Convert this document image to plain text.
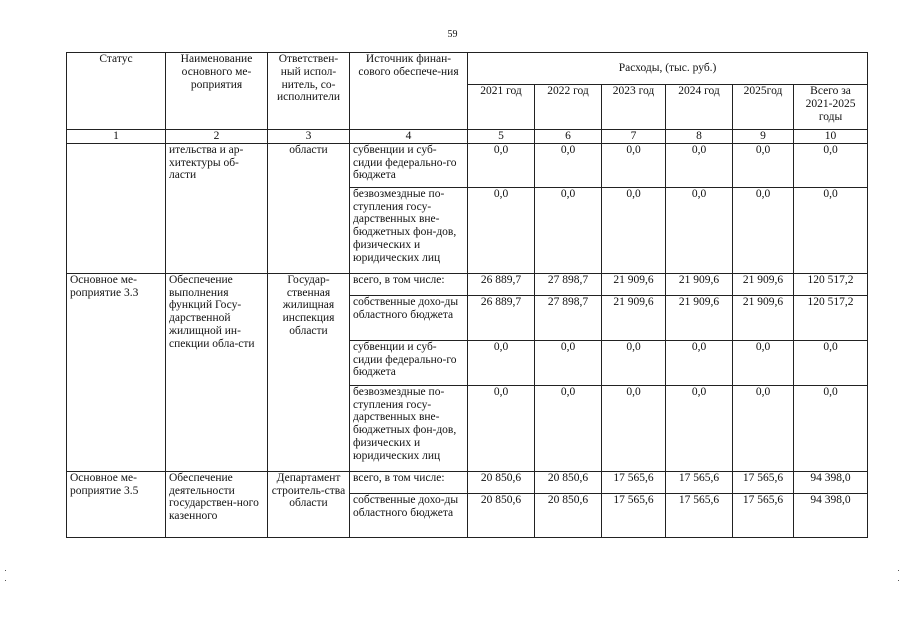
59
Статус	Наименование основного ме-роприятия	Ответствен-ный испол-нитель, со-исполнители	Источник финан-сового обеспече-ния	Расходы, (тыс. руб.)					
				2021 год	2022 год	2023 год	2024 год	2025год	Всего за 2021-2025 годы
1	2	3	4	5	6	7	8	9	10
	ительства и ар-хитектуры об-ласти	области	субвенции и суб-сидии федерально-го бюджета	0,0	0,0	0,0	0,0	0,0	0,0
			безвозмездные по-ступления госу-дарственных вне-бюджетных фон-дов, физических и юридических лиц	0,0	0,0	0,0	0,0	0,0	0,0
Основное ме-роприятие 3.3	Обеспечение выполнения функций Госу-дарственной жилищной ин-спекции обла-сти	Государ-ственная жилищная инспекция области	всего, в том числе:	26 889,7	27 898,7	21 909,6	21 909,6	21 909,6	120 517,2
			собственные дохо-ды областного бюджета	26 889,7	27 898,7	21 909,6	21 909,6	21 909,6	120 517,2
			субвенции и суб-сидии федерально-го бюджета	0,0	0,0	0,0	0,0	0,0	0,0
			безвозмездные по-ступления госу-дарственных вне-бюджетных фон-дов, физических и юридических лиц	0,0	0,0	0,0	0,0	0,0	0,0
Основное ме-роприятие 3.5	Обеспечение деятельности государствен-ного казенного	Департамент строитель-ства области	всего, в том числе:	20 850,6	20 850,6	17 565,6	17 565,6	17 565,6	94 398,0
			собственные дохо-ды областного бюджета	20 850,6	20 850,6	17 565,6	17 565,6	17 565,6	94 398,0
